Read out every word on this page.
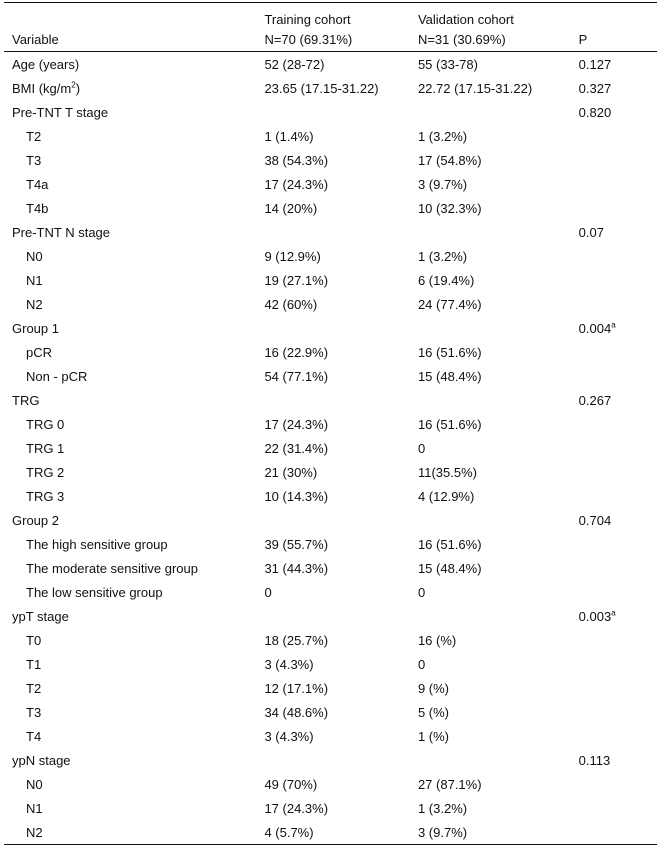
	Training cohort	Validation cohort	
Variable	N=70 (69.31%)	N=31 (30.69%)	P
Age (years)	52 (28-72)	55 (33-78)	0.127
BMI $(kg/m^2)$	23.65 (17.15-31.22)	22.72 (17.15-31.22)	0.327
Pre-TNT T stage			0.820
T2	1 (1.4%)	1 (3.2%)	
T3	38 (54.3%)	17 (54.8%)	
T4a	17 (24.3%)	3 (9.7%)	
T4b	14 (20%)	10 (32.3%)	
Pre-TNT N stage			0.07
N0	9 (12.9%)	1 (3.2%)	
N1	19 (27.1%)	6 (19.4%)	
N2	42 (60%)	24 (77.4%)	
Group 1			0.004$^a$
pCR	16 (22.9%)	16 (51.6%)	
Non - pCR	54 (77.1%)	15 (48.4%)	
TRG			0.267
TRG 0	17 (24.3%)	16 (51.6%)	
TRG 1	22 (31.4%)	0	
TRG 2	21 (30%)	11(35.5%)	
TRG 3	10 (14.3%)	4 (12.9%)	
Group 2			0.704
The high sensitive group	39 (55.7%)	16 (51.6%)	
The moderate sensitive group	31 (44.3%)	15 (48.4%)	
The low sensitive group	0	0	
ypT stage			0.003$^a$
T0	18 (25.7%)	16 (%)	
T1	3 (4.3%)	0	
T2	12 (17.1%)	9 (%)	
T3	34 (48.6%)	5 (%)	
T4	3 (4.3%)	1 (%)	
ypN stage			0.113
N0	49 (70%)	27 (87.1%)	
N1	17 (24.3%)	1 (3.2%)	
N2	4 (5.7%)	3 (9.7%)	
